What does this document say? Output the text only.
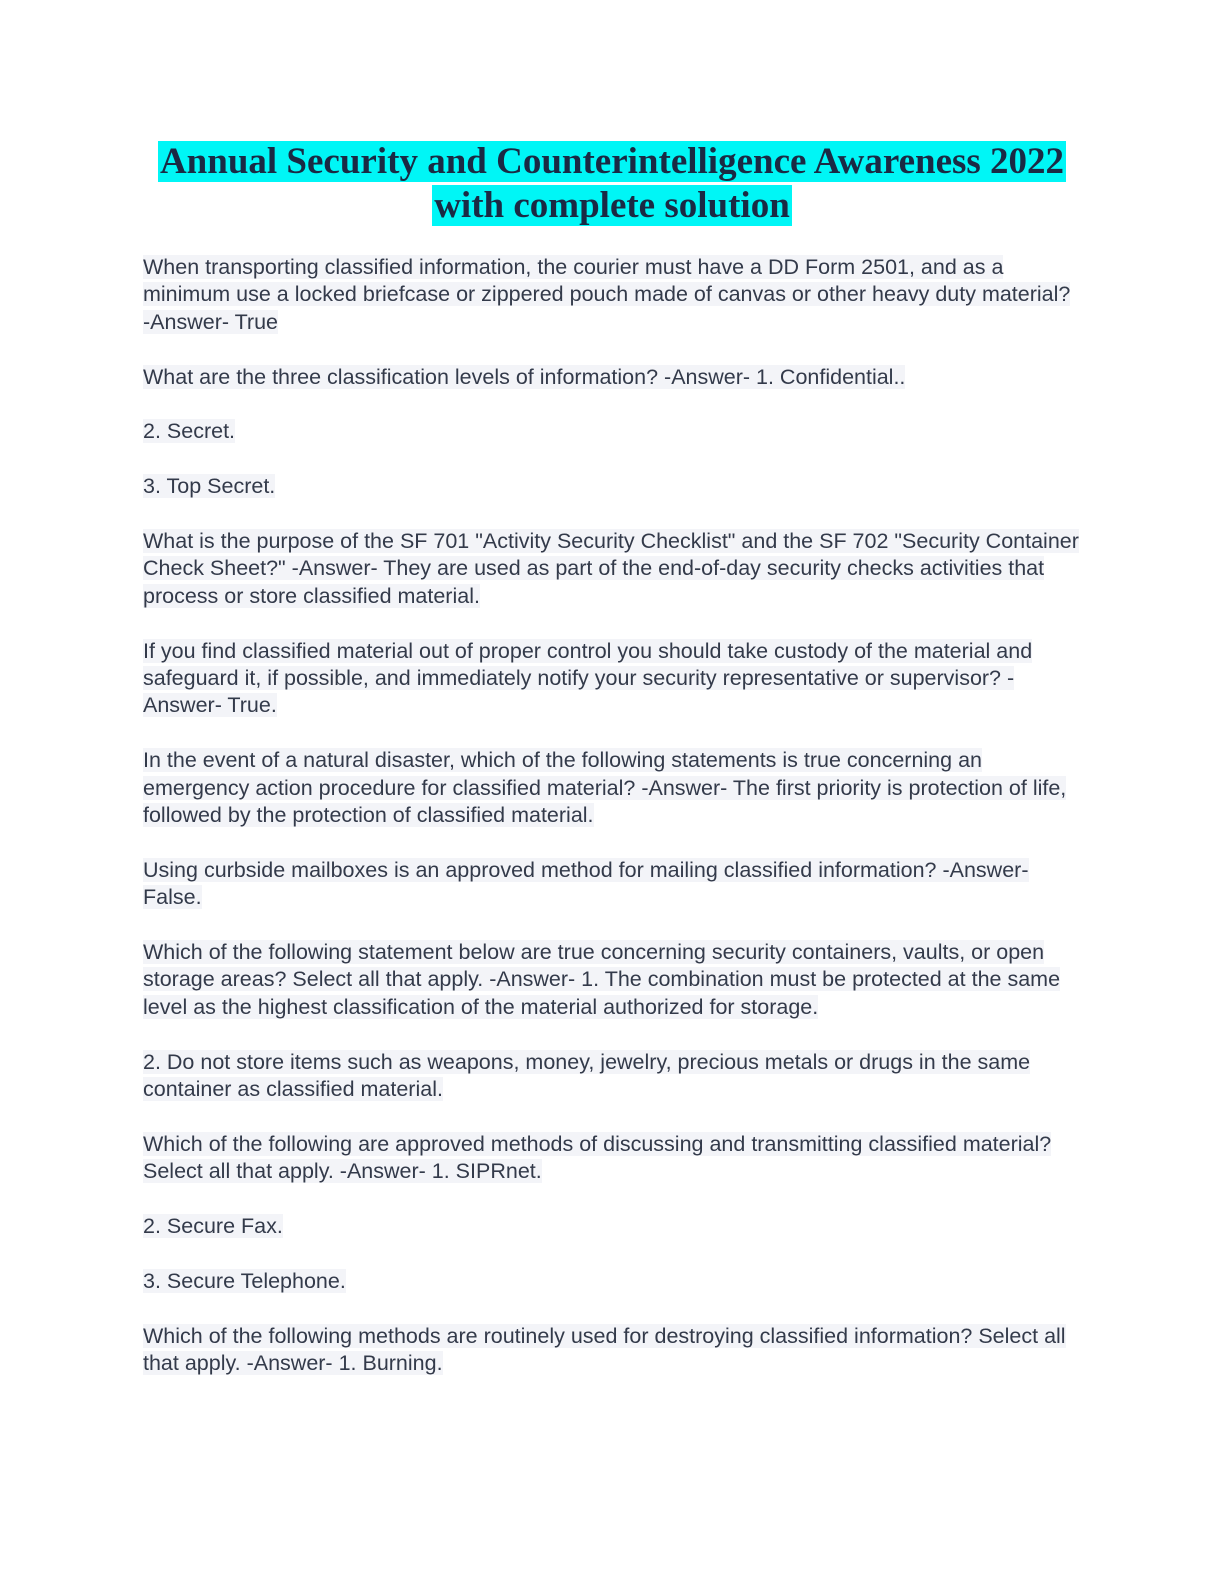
Annual Security and Counterintelligence Awareness 2022
with complete solution

When transporting classified information, the courier must have a DD Form 2501, and as a minimum use a locked briefcase or zippered pouch made of canvas or other heavy duty material? -Answer- True

What are the three classification levels of information? -Answer- 1. Confidential..

2. Secret.

3. Top Secret.

What is the purpose of the SF 701 "Activity Security Checklist" and the SF 702 "Security Container Check Sheet?" -Answer- They are used as part of the end-of-day security checks activities that process or store classified material.

If you find classified material out of proper control you should take custody of the material and safeguard it, if possible, and immediately notify your security representative or supervisor? -Answer- True.

In the event of a natural disaster, which of the following statements is true concerning an emergency action procedure for classified material? -Answer- The first priority is protection of life, followed by the protection of classified material.

Using curbside mailboxes is an approved method for mailing classified information? -Answer- False.

Which of the following statement below are true concerning security containers, vaults, or open storage areas? Select all that apply. -Answer- 1. The combination must be protected at the same level as the highest classification of the material authorized for storage.

2. Do not store items such as weapons, money, jewelry, precious metals or drugs in the same container as classified material.

Which of the following are approved methods of discussing and transmitting classified material? Select all that apply. -Answer- 1. SIPRnet.

2. Secure Fax.

3. Secure Telephone.

Which of the following methods are routinely used for destroying classified information? Select all that apply. -Answer- 1. Burning.
